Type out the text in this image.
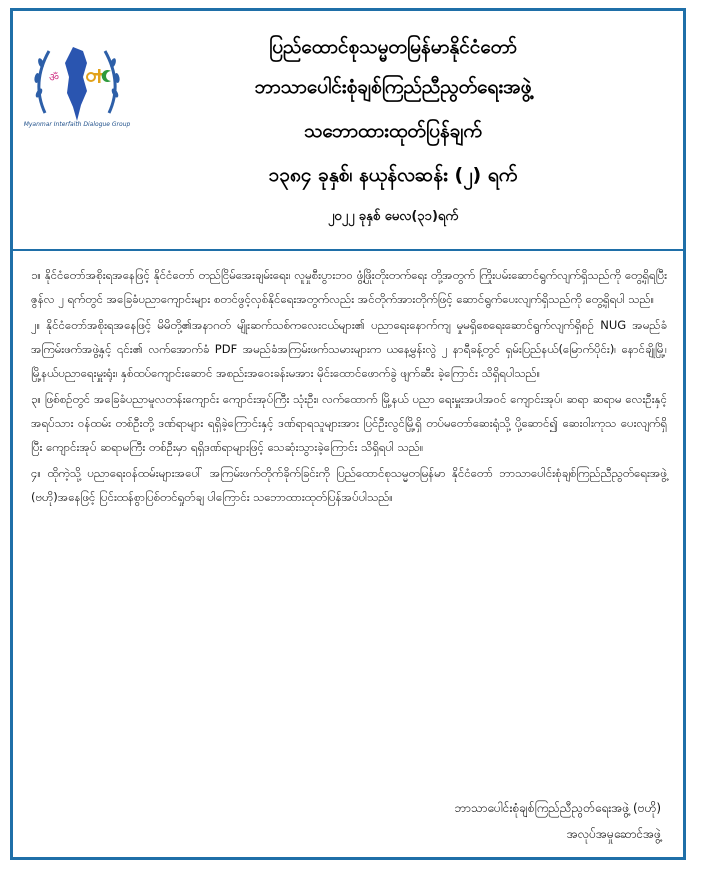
ॐ
Myanmar Interfaith Dialogue Group
ပြည်ထောင်စုသမ္မတမြန်မာနိုင်ငံတော်
ဘာသာပေါင်းစုံချစ်ကြည်ညီညွတ်ရေးအဖွဲ့
သဘောထားထုတ်ပြန်ချက်
၁၃၈၄ ခုနှစ်၊ နယုန်လဆန်း (၂) ရက်
၂၀၂၂ ခုနှစ် မေလ(၃၁)ရက်

၁။ နိုင်ငံတော်အစိုးရအနေဖြင့် နိုင်ငံတော် တည်ငြိမ်အေးချမ်းရေး၊ လူမှုစီးပွားဘဝ ဖွံ့ဖြိုးတိုးတက်ရေး တို့အတွက် ကြိုးပမ်းဆောင်ရွက်လျက်ရှိသည်ကို တွေ့ရှိရပြီး ဇွန်လ ၂ ရက်တွင် အခြေခံပညာကျောင်းများ စတင်ဖွင့်လှစ်နိုင်ရေးအတွက်လည်း အင်တိုက်အားတိုက်ဖြင့် ဆောင်ရွက်ပေးလျက်ရှိသည်ကို တွေ့ရှိရပါ သည်။

၂။ နိုင်ငံတော်အစိုးရအနေဖြင့် မိမိတို့၏အနာဂတ် မျိုးဆက်သစ်ကလေးငယ်များ၏ ပညာရေးနောက်ကျ မှုမရှိစေရေးဆောင်ရွက်လျက်ရှိစဉ် NUG အမည်ခံ အကြမ်းဖက်အဖွဲ့နှင့် ၎င်း၏ လက်အောက်ခံ PDF အမည်ခံအကြမ်းဖက်သမားများက ယနေ့မွန်းလွဲ ၂ နာရီခန့်တွင် ရှမ်းပြည်နယ်(မြောက်ပိုင်း)၊ နောင်ချိုမြို့၊ မြို့နယ်ပညာရေးမှူးရုံး၊ နှစ်ထပ်ကျောင်းဆောင် အစည်းအဝေးခန်းမအား မိုင်းထောင်ဖောက်ခွဲ ဖျက်ဆီး ခဲ့ကြောင်း သိရှိရပါသည်။

၃။ ဖြစ်စဉ်တွင် အခြေခံပညာမူလတန်းကျောင်း ကျောင်းအုပ်ကြီး သုံးဦး၊ လက်ထောက် မြို့နယ် ပညာ ရေးမှူးအပါအဝင် ကျောင်းအုပ်၊ ဆရာ ဆရာမ လေးဦးနှင့် အရပ်သား ဝန်ထမ်း တစ်ဦးတို့ ဒဏ်ရာများ ရရှိခဲ့ကြောင်းနှင့် ဒဏ်ရာရသူများအား ပြင်ဦးလွင်မြို့ရှိ တပ်မတော်ဆေးရုံသို့ ပို့ဆောင်၍ ဆေးဝါးကုသ ပေးလျက်ရှိပြီး ကျောင်းအုပ် ဆရာမကြီး တစ်ဦးမှာ ရရှိဒဏ်ရာများဖြင့် သေဆုံးသွားခဲ့ကြောင်း သိရှိရပါ သည်။

၄။ ထိုကဲ့သို့ ပညာရေးဝန်ထမ်းများအပေါ် အကြမ်းဖက်တိုက်ခိုက်ခြင်းကို ပြည်ထောင်စုသမ္မတမြန်မာ နိုင်ငံတော် ဘာသာပေါင်းစုံချစ်ကြည်ညီညွတ်ရေးအဖွဲ့ (ဗဟို)အနေဖြင့် ပြင်းထန်စွာပြစ်တင်ရှုတ်ချ ပါကြောင်း သဘောထားထုတ်ပြန်အပ်ပါသည်။

ဘာသာပေါင်းစုံချစ်ကြည်ညီညွတ်ရေးအဖွဲ့ (ဗဟို)
အလုပ်အမှုဆောင်အဖွဲ့
